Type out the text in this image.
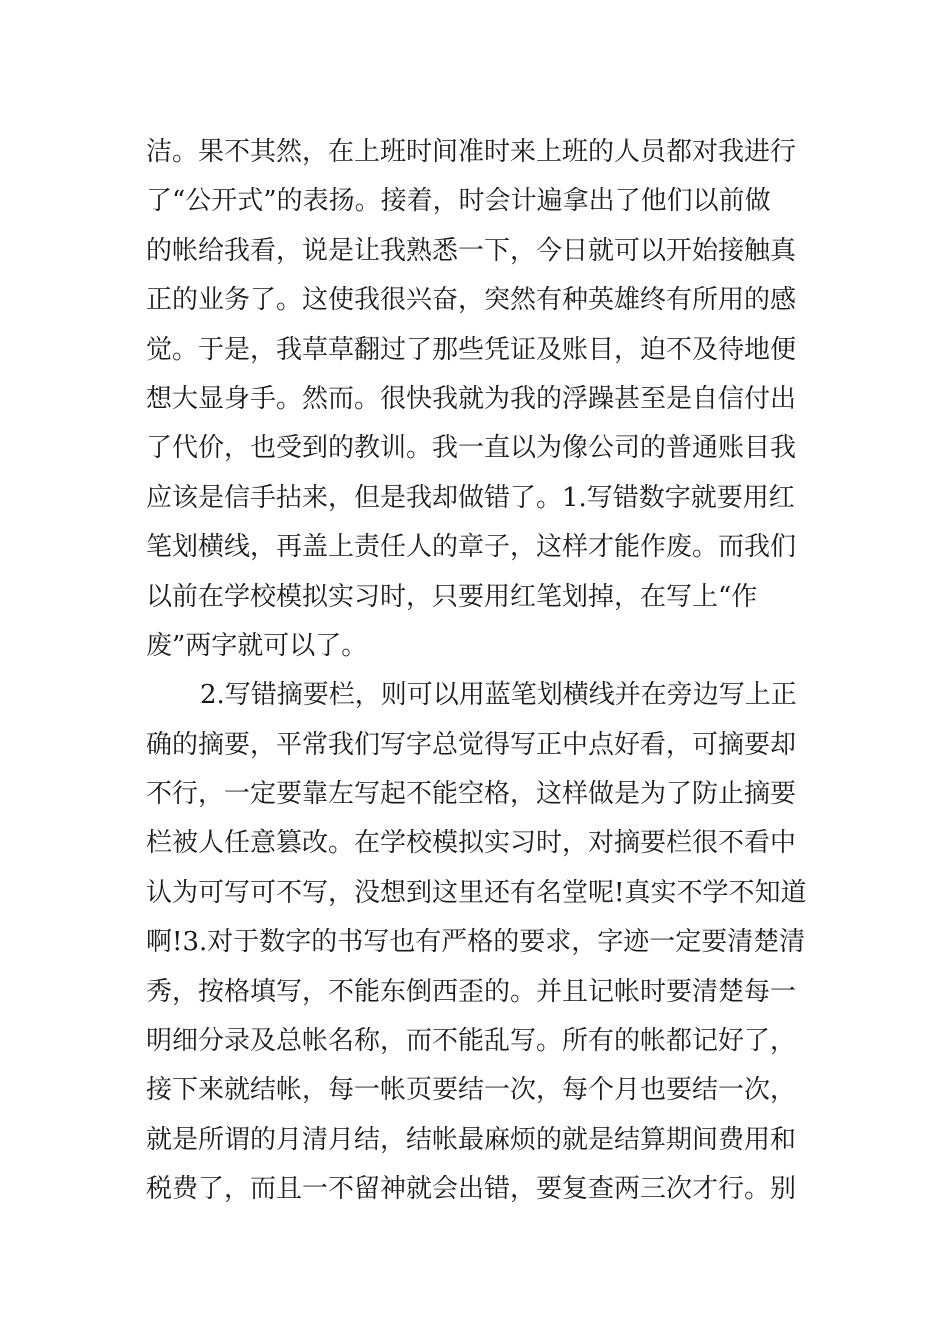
洁。果不其然，在上班时间准时来上班的人员都对我进行
了“公开式”的表扬。接着，时会计遍拿出了他们以前做
的帐给我看，说是让我熟悉一下，今日就可以开始接触真
正的业务了。这使我很兴奋，突然有种英雄终有所用的感
觉。于是，我草草翻过了那些凭证及账目，迫不及待地便
想大显身手。然而。很快我就为我的浮躁甚至是自信付出
了代价，也受到的教训。我一直以为像公司的普通账目我
应该是信手拈来，但是我却做错了。1.写错数字就要用红
笔划横线，再盖上责任人的章子，这样才能作废。而我们
以前在学校模拟实习时，只要用红笔划掉，在写上“作
废”两字就可以了。
2.写错摘要栏，则可以用蓝笔划横线并在旁边写上正
确的摘要，平常我们写字总觉得写正中点好看，可摘要却
不行，一定要靠左写起不能空格，这样做是为了防止摘要
栏被人任意篡改。在学校模拟实习时，对摘要栏很不看中
认为可写可不写，没想到这里还有名堂呢!真实不学不知道
啊!3.对于数字的书写也有严格的要求，字迹一定要清楚清
秀，按格填写，不能东倒西歪的。并且记帐时要清楚每一
明细分录及总帐名称，而不能乱写。所有的帐都记好了，
接下来就结帐，每一帐页要结一次，每个月也要结一次，
就是所谓的月清月结，结帐最麻烦的就是结算期间费用和
税费了，而且一不留神就会出错，要复查两三次才行。别
